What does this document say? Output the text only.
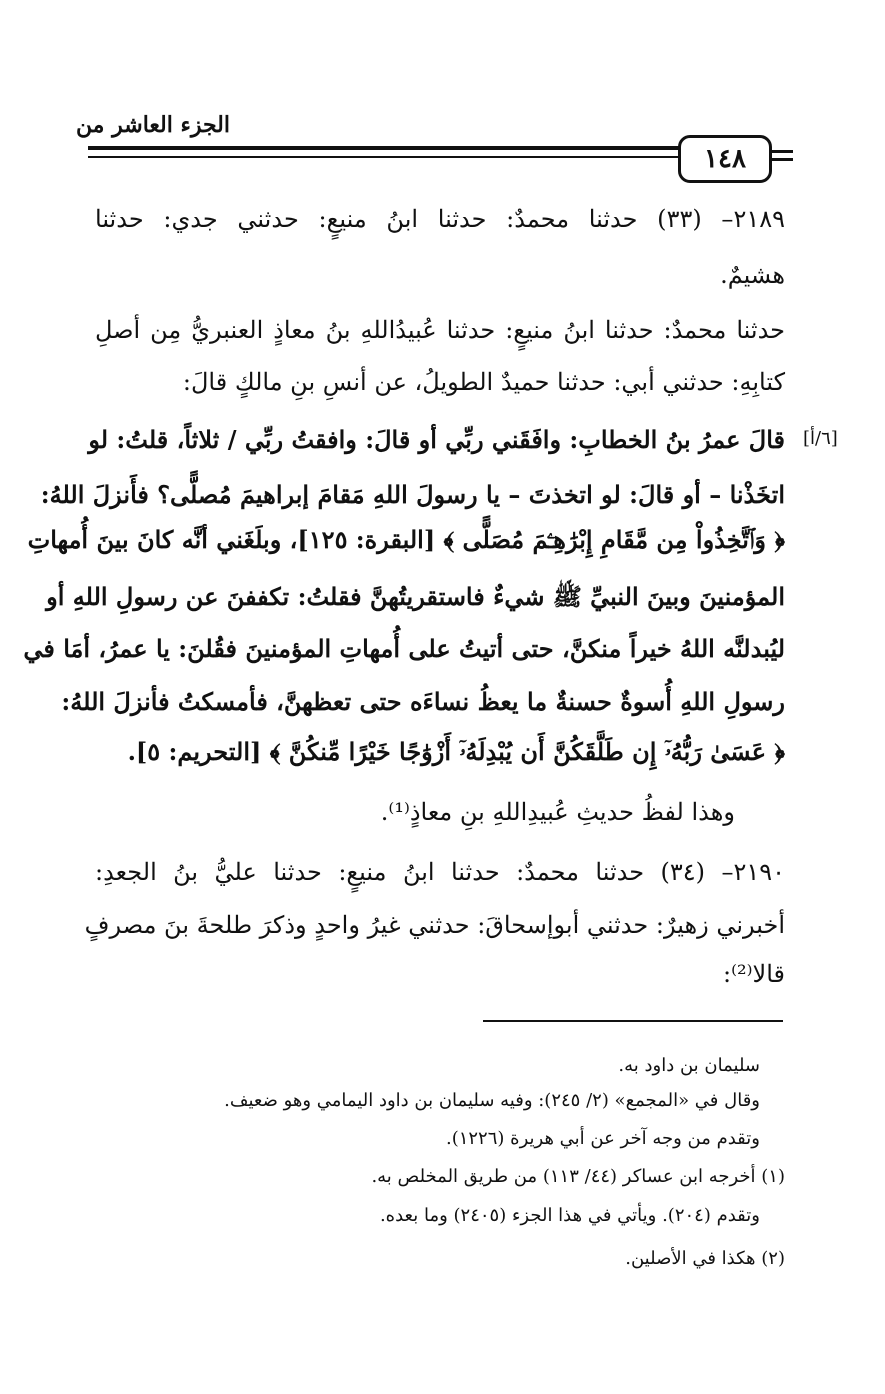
الجزء العاشر من
١٤٨
[٦/أ]
٢١٨٩– (٣٣) حدثنا محمدٌ: حدثنا ابنُ منيعٍ: حدثني جدي: حدثنا
هشيمٌ.
حدثنا محمدٌ: حدثنا ابنُ منيعٍ: حدثنا عُبيدُاللهِ بنُ معاذٍ العنبريُّ مِن أصلِ
كتابِهِ: حدثني أبي: حدثنا حميدٌ الطويلُ، عن أنسِ بنِ مالكٍ قالَ:
قالَ عمرُ بنُ الخطابِ: وافَقَني ربِّي أو قالَ: وافقتُ ربِّي / ثلاثاً، قلتُ: لو
اتخَذْنا – أو قالَ: لو اتخذتَ – يا رسولَ اللهِ مَقامَ إبراهيمَ مُصلًّى؟ فأَنزلَ اللهُ:
﴿ وَٱتَّخِذُواْ مِن مَّقَامِ إِبْرَٰهِـۧمَ مُصَلًّى ﴾ [البقرة: ١٢٥]، وبلَغَني أنَّه كانَ بينَ أُمهاتِ
المؤمنينَ وبينَ النبيِّ ﷺ شيءٌ فاستقريتُهنَّ فقلتُ: تكففنَ عن رسولِ اللهِ أو
ليُبدلنَّه اللهُ خيراً منكنَّ، حتى أتيتُ على أُمهاتِ المؤمنينَ فقُلنَ: يا عمرُ، أمَا في
رسولِ اللهِ أُسوةٌ حسنةٌ ما يعظُ نساءَه حتى تعظهنَّ، فأمسكتُ فأنزلَ اللهُ:
﴿ عَسَىٰ رَبُّهُۥٓ إِن طَلَّقَكُنَّ أَن يُبْدِلَهُۥٓ أَزْوَٰجًا خَيْرًا مِّنكُنَّ ﴾ [التحريم: ٥].
وهذا لفظُ حديثِ عُبيدِاللهِ بنِ معاذٍ⁽¹⁾.
٢١٩٠– (٣٤) حدثنا محمدٌ: حدثنا ابنُ منيعٍ: حدثنا عليُّ بنُ الجعدِ:
أخبرني زهيرٌ: حدثني أبوإسحاقَ: حدثني غيرُ واحدٍ وذكرَ طلحةَ بنَ مصرفٍ
قالا⁽²⁾:
سليمان بن داود به.
وقال في «المجمع» (٢/ ٢٤٥): وفيه سليمان بن داود اليمامي وهو ضعيف.
وتقدم من وجه آخر عن أبي هريرة (١٢٢٦).
(١) أخرجه ابن عساكر (٤٤/ ١١٣) من طريق المخلص به.
وتقدم (٢٠٤). ويأتي في هذا الجزء (٢٤٠٥) وما بعده.
(٢) هكذا في الأصلين.
